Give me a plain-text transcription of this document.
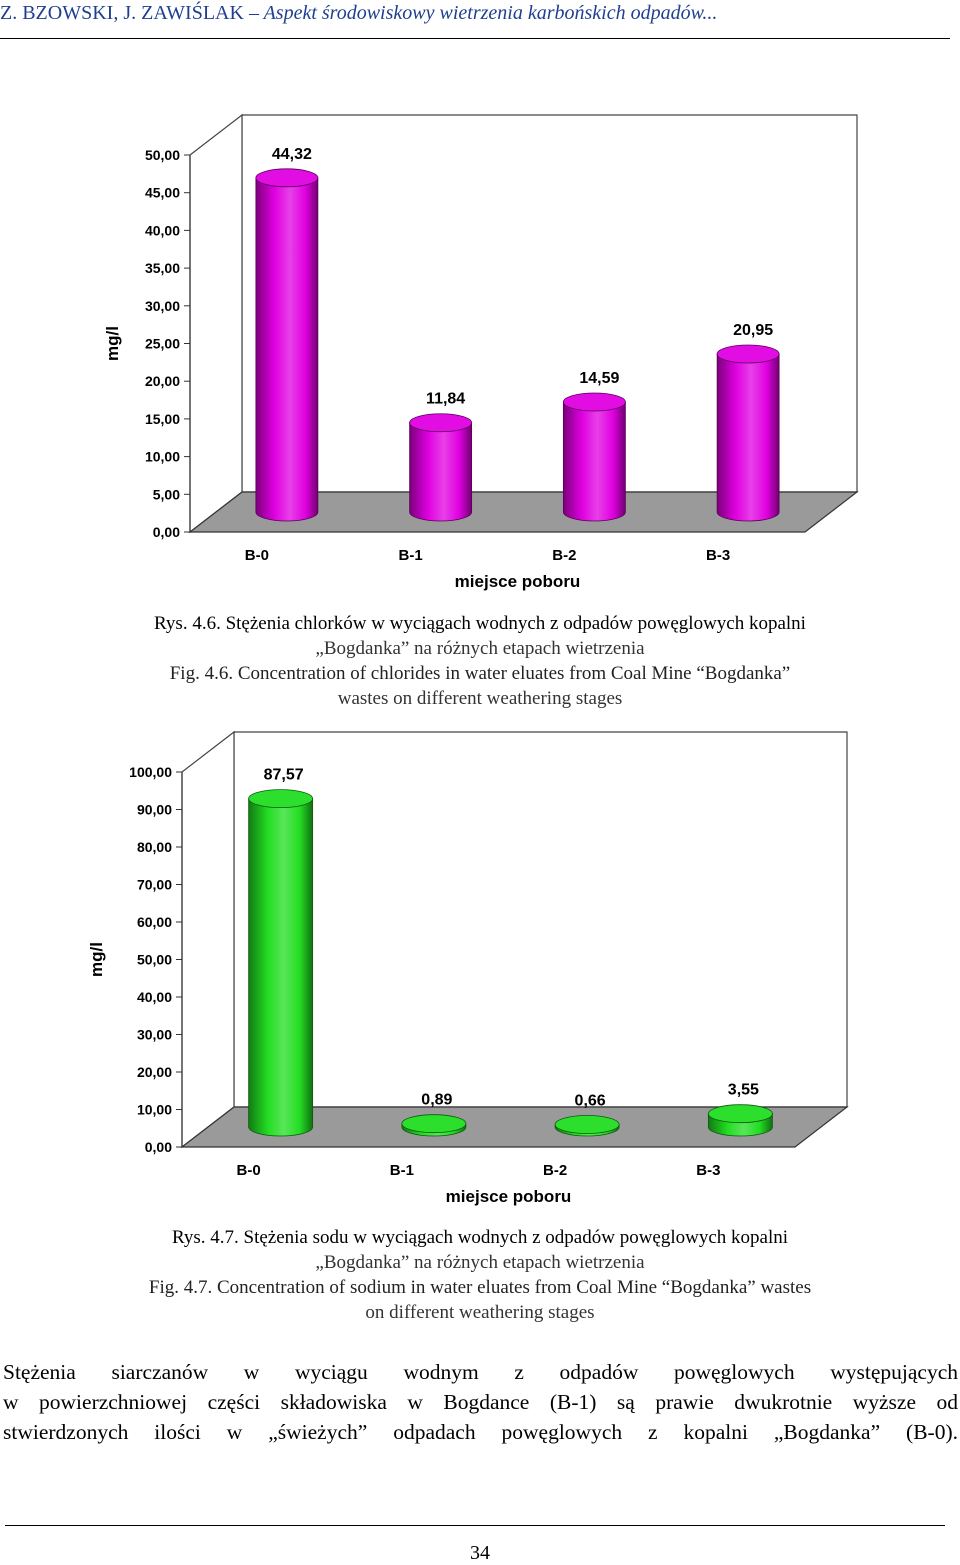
Z. BZOWSKI, J. ZAWIŚLAK – Aspekt środowiskowy wietrzenia karbońskich odpadów...
0,00
5,00
10,00
15,00
20,00
25,00
30,00
35,00
40,00
45,00
50,00
mg/l
44,32
B-0
11,84
B-1
14,59
B-2
20,95
B-3
miejsce poboru
Rys. 4.6. Stężenia chlorków w wyciągach wodnych z odpadów powęglowych kopalni
„Bogdanka” na różnych etapach wietrzenia
Fig. 4.6. Concentration of chlorides in water eluates from Coal Mine “Bogdanka”
wastes on different weathering stages
0,00
10,00
20,00
30,00
40,00
50,00
60,00
70,00
80,00
90,00
100,00
mg/l
87,57
B-0
0,89
B-1
0,66
B-2
3,55
B-3
miejsce poboru
Rys. 4.7. Stężenia sodu w wyciągach wodnych z odpadów powęglowych kopalni
„Bogdanka” na różnych etapach wietrzenia
Fig. 4.7. Concentration of sodium in water eluates from Coal Mine “Bogdanka” wastes
on different weathering stages
Stężenia siarczanów w wyciągu wodnym z odpadów powęglowych występujących
w powierzchniowej części składowiska w Bogdance (B-1) są prawie dwukrotnie wyższe od
stwierdzonych ilości w „świeżych” odpadach powęglowych z kopalni „Bogdanka” (B-0).
34
